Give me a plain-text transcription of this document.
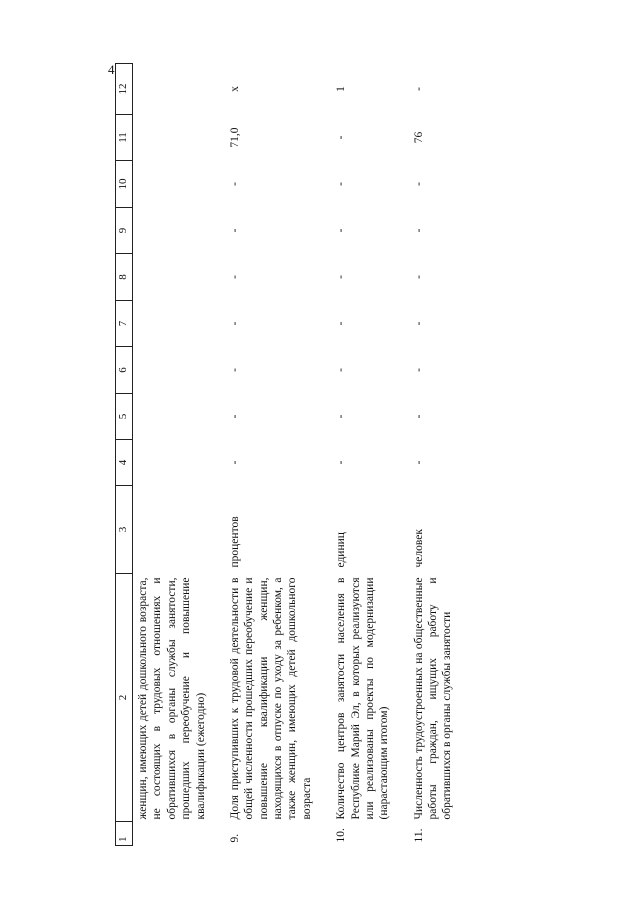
4
1	2	3	4	5	6	7	8	9	10	11	12
	женщин, имеющих детей дошкольного возраста, не состоящих в трудовых отношениях и обратившихся в органы службы занятости, прошедших переобучение и повышение квалификации (ежегодно)										

9.	Доля приступивших к трудовой деятельности в общей численности прошедших переобучение и повышение квалификации женщин, находящихся в отпуске по уходу за ребенком, а также женщин, имеющих детей дошкольного возраста	процентов	-	-	-	-	-	-	-	71,0	х

10.	Количество центров занятости населения в Республике Марий Эл, в которых реализуются или реализованы проекты по модернизации (нарастающим итогом)	единиц	-	-	-	-	-	-	-	-	1

11.	Численность трудоустроенных на общественные работы граждан, ищущих работу и обратившихся в органы службы занятости	человек	-	-	-	-	-	-	-	76	-
